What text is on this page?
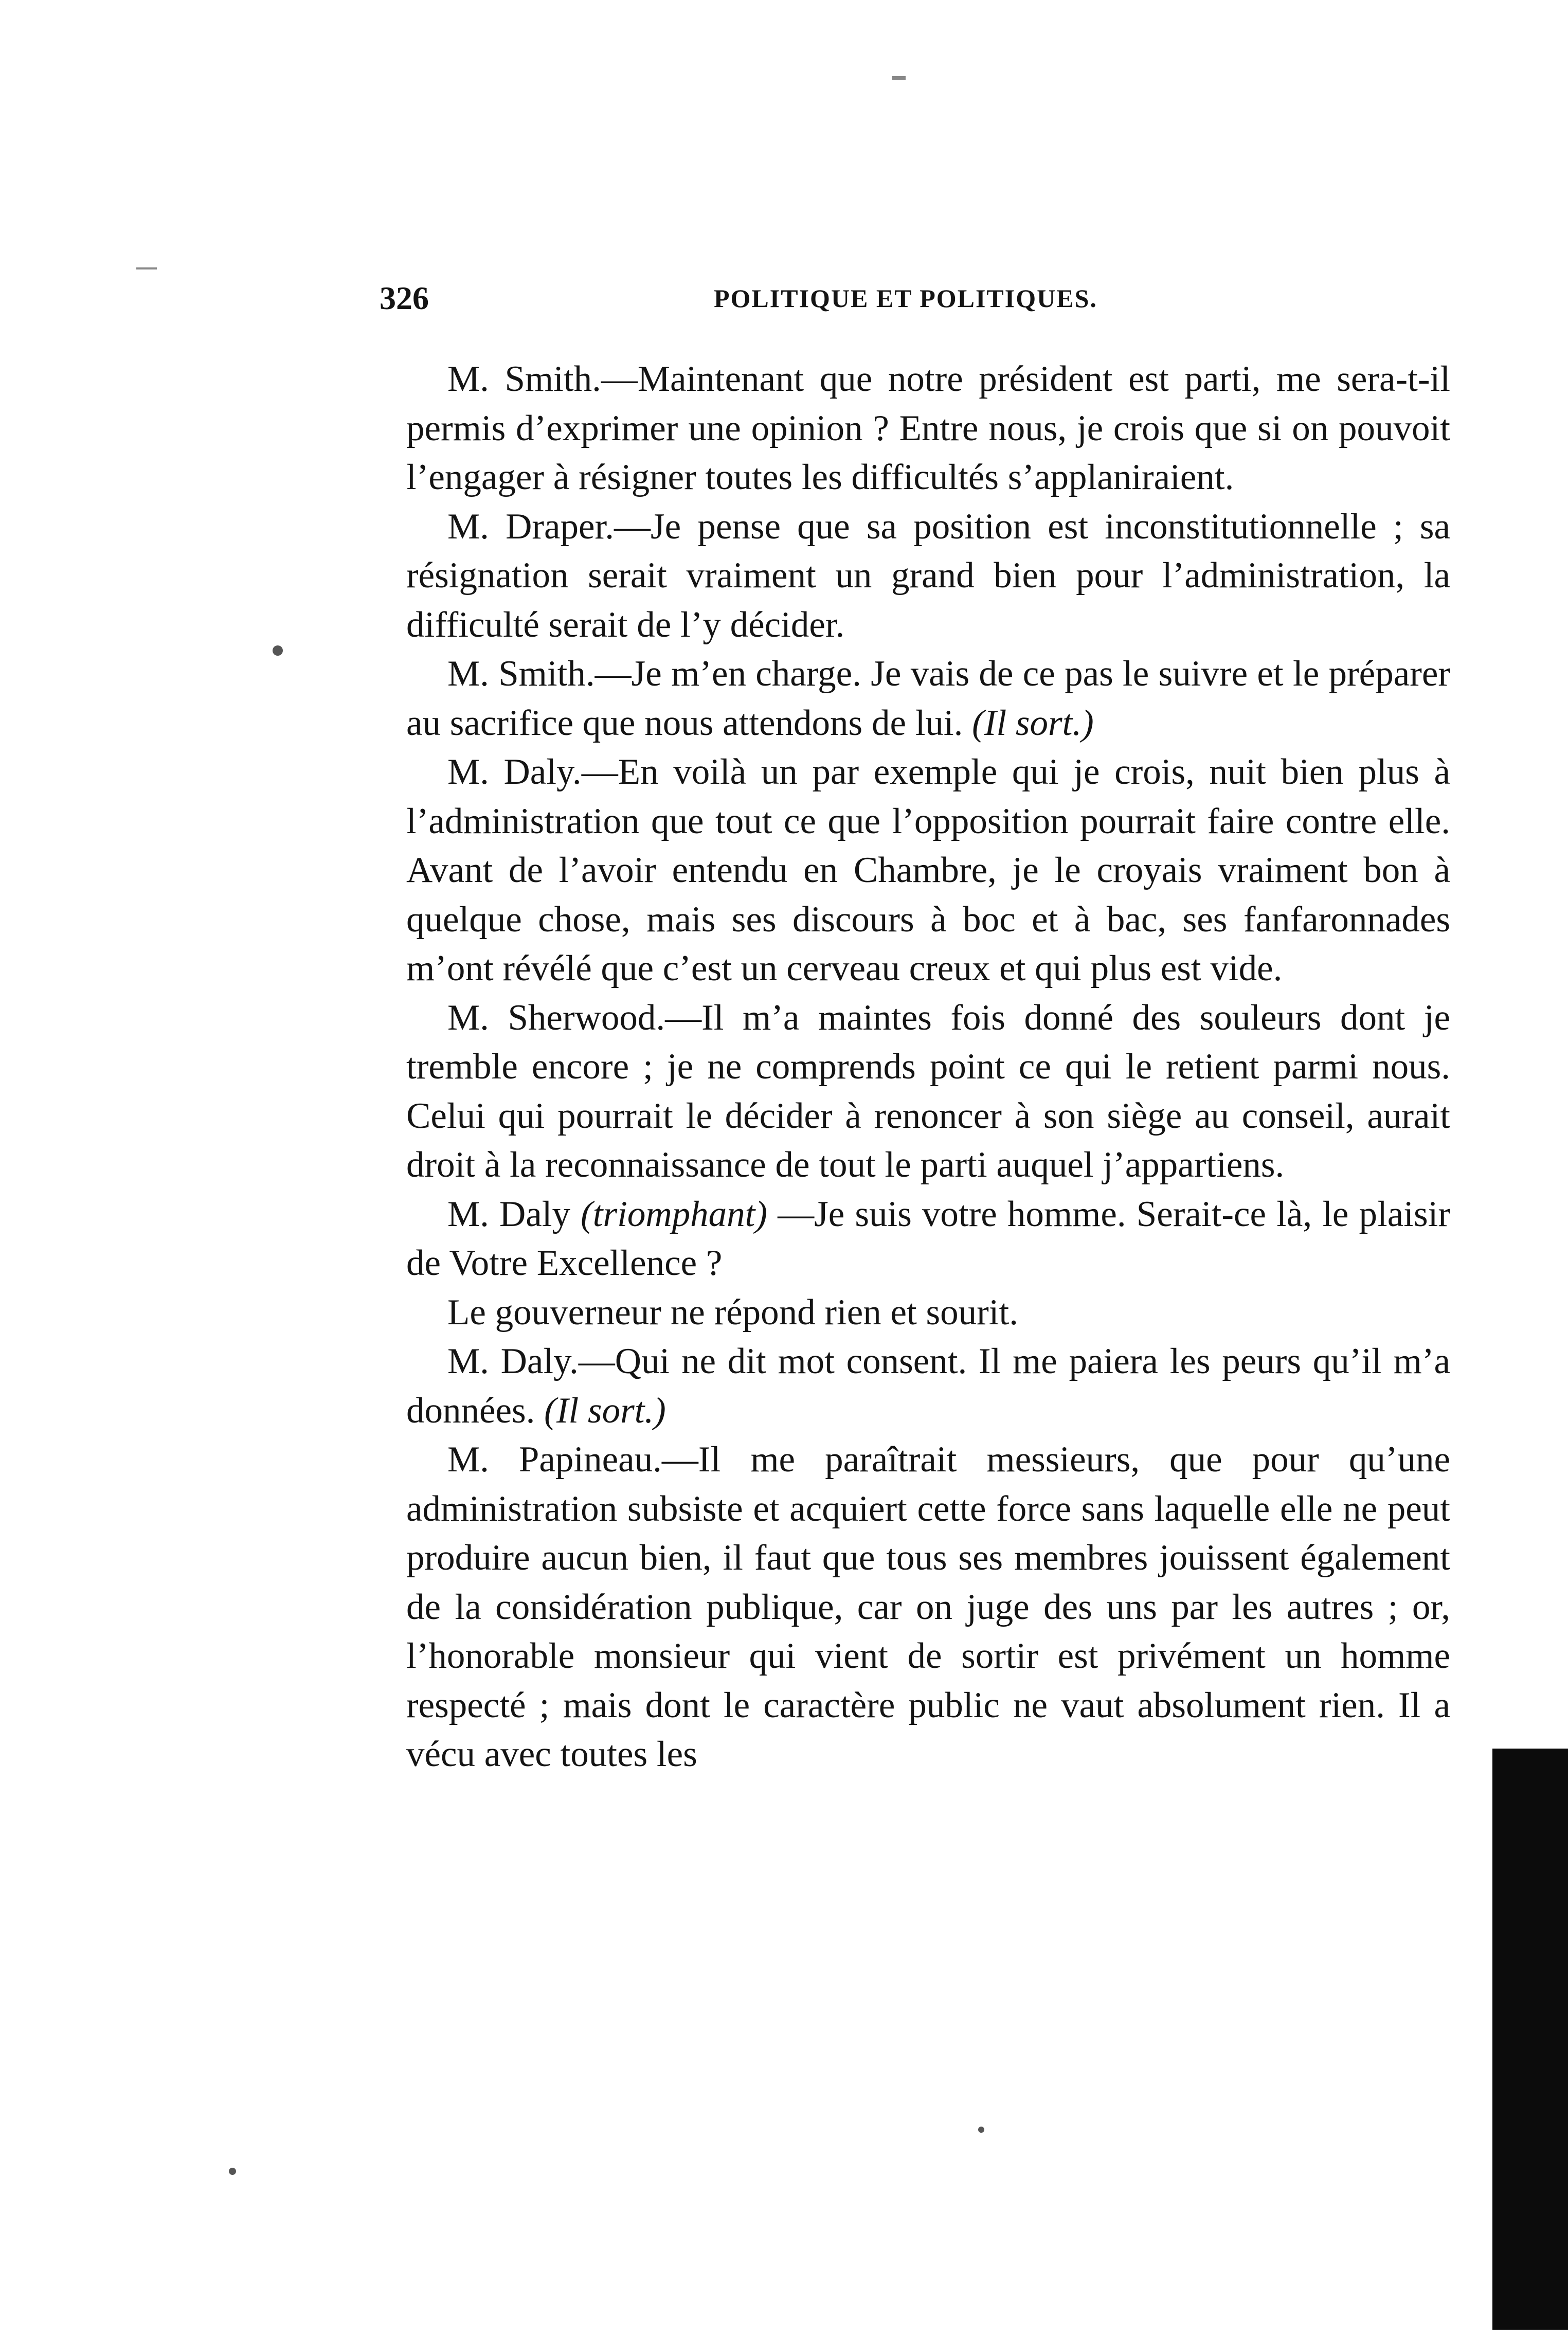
326	POLITIQUE ET POLITIQUES.

M. Smith.—Maintenant que notre président est parti, me sera-t-il permis d’exprimer une opinion ? Entre nous, je crois que si on pouvoit l’engager à résigner toutes les difficultés s’applaniraient.

M. Draper.—Je pense que sa position est inconstitutionnelle ; sa résignation serait vraiment un grand bien pour l’administration, la difficulté serait de l’y décider.

M. Smith.—Je m’en charge. Je vais de ce pas le suivre et le préparer au sacrifice que nous attendons de lui. (Il sort.)

M. Daly.—En voilà un par exemple qui je crois, nuit bien plus à l’administration que tout ce que l’opposition pourrait faire contre elle. Avant de l’avoir entendu en Chambre, je le croyais vraiment bon à quelque chose, mais ses discours à boc et à bac, ses fanfaronnades m’ont révélé que c’est un cerveau creux et qui plus est vide.

M. Sherwood.—Il m’a maintes fois donné des souleurs dont je tremble encore ; je ne comprends point ce qui le retient parmi nous. Celui qui pourrait le décider à renoncer à son siège au conseil, aurait droit à la reconnaissance de tout le parti auquel j’appartiens.

M. Daly (triomphant) —Je suis votre homme. Serait-ce là, le plaisir de Votre Excellence ?

Le gouverneur ne répond rien et sourit.

M. Daly.—Qui ne dit mot consent. Il me paiera les peurs qu’il m’a données. (Il sort.)

M. Papineau.—Il me paraîtrait messieurs, que pour qu’une administration subsiste et acquiert cette force sans laquelle elle ne peut produire aucun bien, il faut que tous ses membres jouissent également de la considération publique, car on juge des uns par les autres ; or, l’honorable monsieur qui vient de sortir est privément un homme respecté ; mais dont le caractère public ne vaut absolument rien. Il a vécu avec toutes les
